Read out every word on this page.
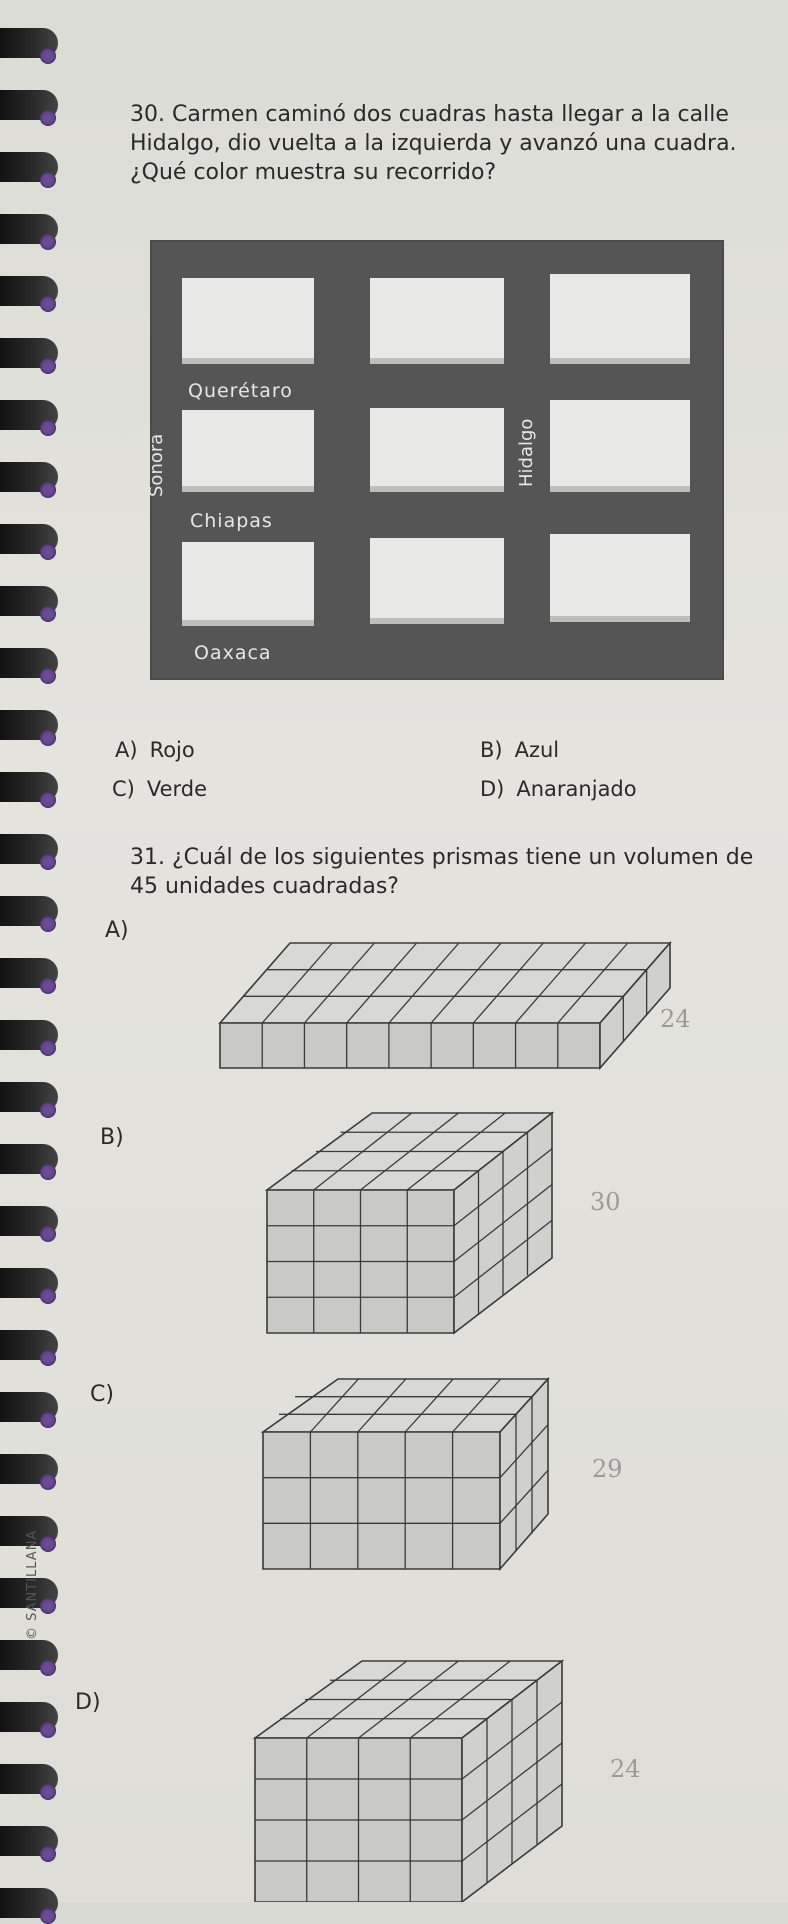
© SANTILLANA
30. Carmen caminó dos cuadras hasta llegar a la calle Hidalgo, dio vuelta a la izquierda y avanzó una cuadra. ¿Qué color muestra su recorrido?
Querétaro
Chiapas
Oaxaca
Sonora	Hidalgo
A) Rojo	B) Azul
C) Verde	D) Anaranjado
31. ¿Cuál de los siguientes prismas tiene un volumen de 45 unidades cuadradas?
A)
24
B)
30
C)
29
D)
24
